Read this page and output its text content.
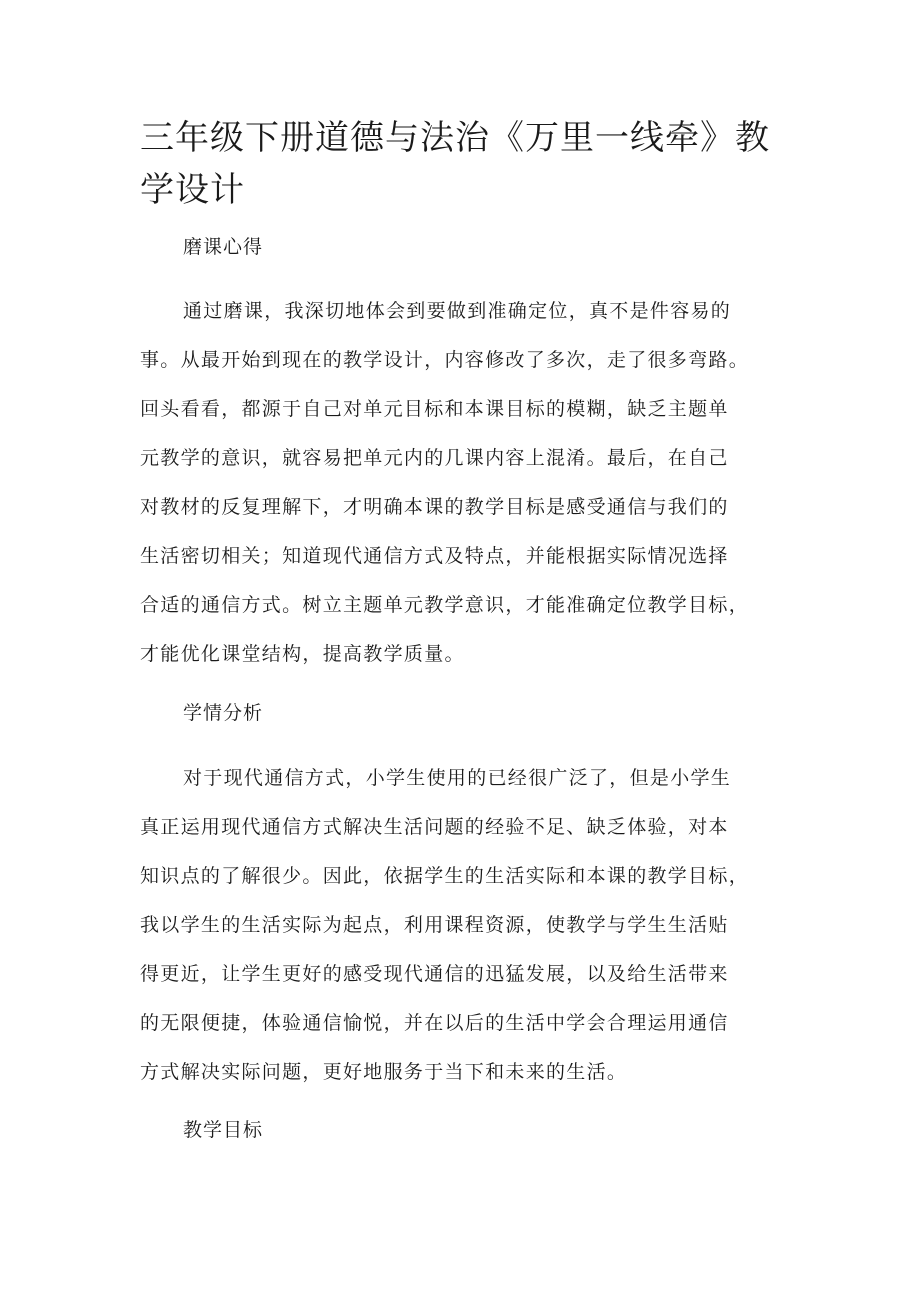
三年级下册道德与法治《万里一线牵》教学设计

磨课心得

通过磨课，我深切地体会到要做到准确定位，真不是件容易的

事。从最开始到现在的教学设计，内容修改了多次，走了很多弯路。

回头看看，都源于自己对单元目标和本课目标的模糊，缺乏主题单

元教学的意识，就容易把单元内的几课内容上混淆。最后，在自己

对教材的反复理解下，才明确本课的教学目标是感受通信与我们的

生活密切相关；知道现代通信方式及特点，并能根据实际情况选择

合适的通信方式。树立主题单元教学意识，才能准确定位教学目标，

才能优化课堂结构，提高教学质量。

学情分析

对于现代通信方式，小学生使用的已经很广泛了，但是小学生

真正运用现代通信方式解决生活问题的经验不足、缺乏体验，对本

知识点的了解很少。因此，依据学生的生活实际和本课的教学目标，

我以学生的生活实际为起点，利用课程资源，使教学与学生生活贴

得更近，让学生更好的感受现代通信的迅猛发展，以及给生活带来

的无限便捷，体验通信愉悦，并在以后的生活中学会合理运用通信

方式解决实际问题，更好地服务于当下和未来的生活。

教学目标
